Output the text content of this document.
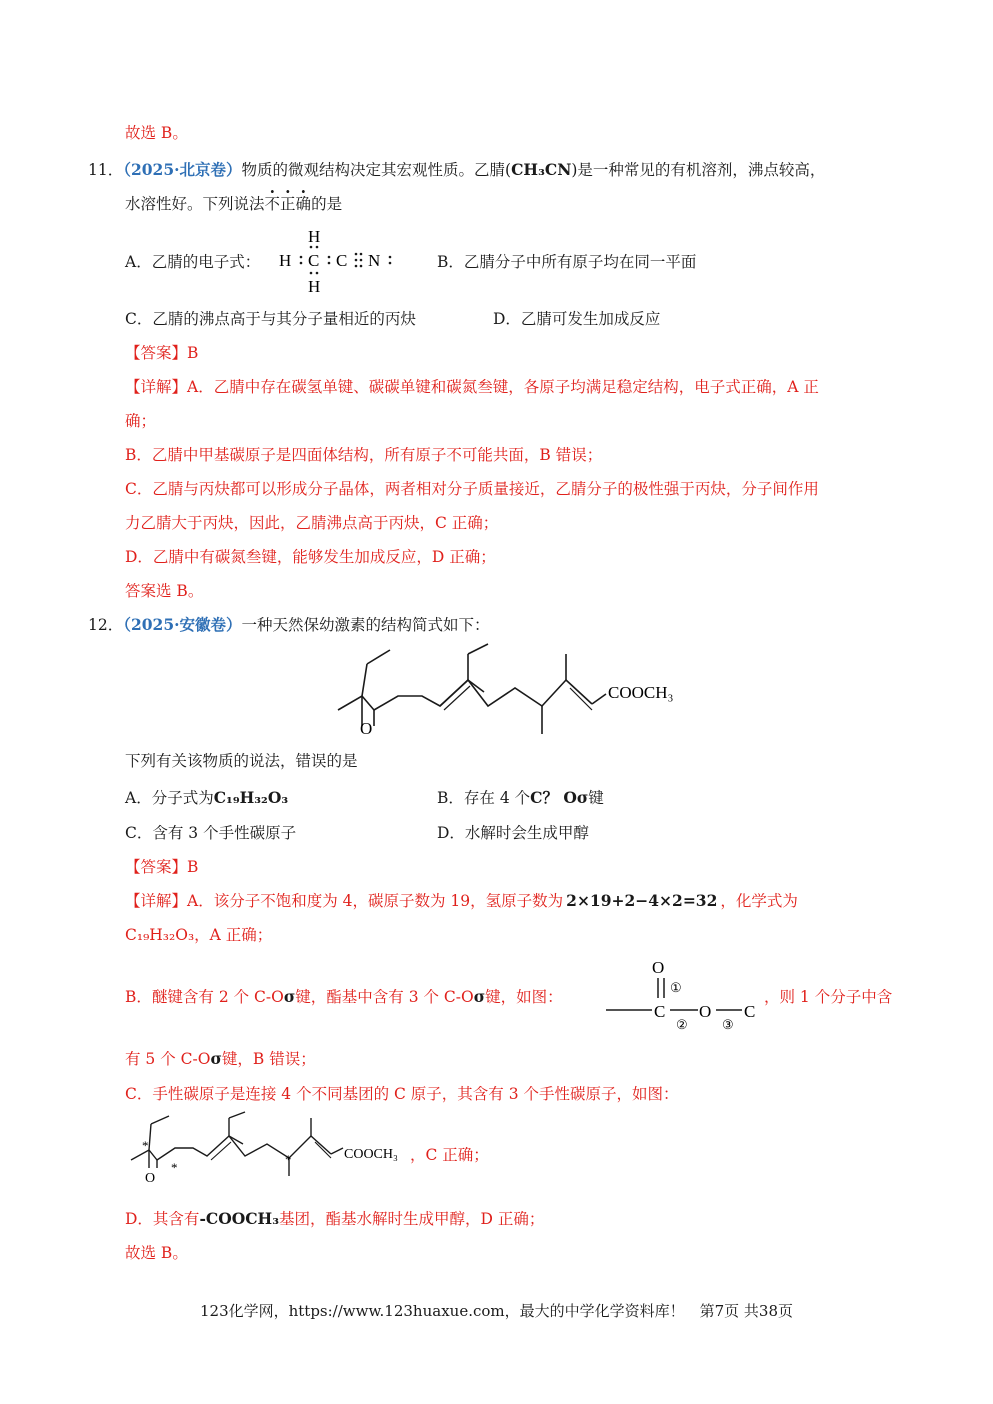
故选 B。
11．（2025·北京卷）物质的微观结构决定其宏观性质。乙腈(CH₃CN)是一种常见的有机溶剂，沸点较高，
水溶性好。下列说法不正确的是
A．乙腈的电子式：
H
H C C N
H
B．乙腈分子中所有原子均在同一平面
C．乙腈的沸点高于与其分子量相近的丙炔	D．乙腈可发生加成反应
【答案】B
【详解】A．乙腈中存在碳氢单键、碳碳单键和碳氮叁键，各原子均满足稳定结构，电子式正确，A 正
确；
B．乙腈中甲基碳原子是四面体结构，所有原子不可能共面，B 错误；
C．乙腈与丙炔都可以形成分子晶体，两者相对分子质量接近，乙腈分子的极性强于丙炔，分子间作用
力乙腈大于丙炔，因此，乙腈沸点高于丙炔，C 正确；
D．乙腈中有碳氮叁键，能够发生加成反应，D 正确；
答案选 B。
12．（2025·安徽卷）一种天然保幼激素的结构简式如下：
O
COOCH₃
下列有关该物质的说法，错误的是
A．分子式为C₁₉H₃₂O₃	B．存在 4 个C？ Oσ键
C．含有 3 个手性碳原子	D．水解时会生成甲醇
【答案】B
【详解】A．该分子不饱和度为 4，碳原子数为 19，氢原子数为 2×19+2−4×2=32 ，化学式为
C₁₉H₃₂O₃，A 正确；
B．醚键含有 2 个 C-Oσ键，酯基中含有 3 个 C-Oσ键，如图：
O
C O C
①
②	③
，则 1 个分子中含
有 5 个 C-Oσ键，B 错误；
C．手性碳原子是连接 4 个不同基团的 C 原子，其含有 3 个手性碳原子，如图：
O
*
*
*	COOCH₃ ，C 正确；
D．其含有-COOCH₃基团，酯基水解时生成甲醇，D 正确；
故选 B。
123化学网，https://www.123huaxue.com，最大的中学化学资料库！　第7页 共38页
